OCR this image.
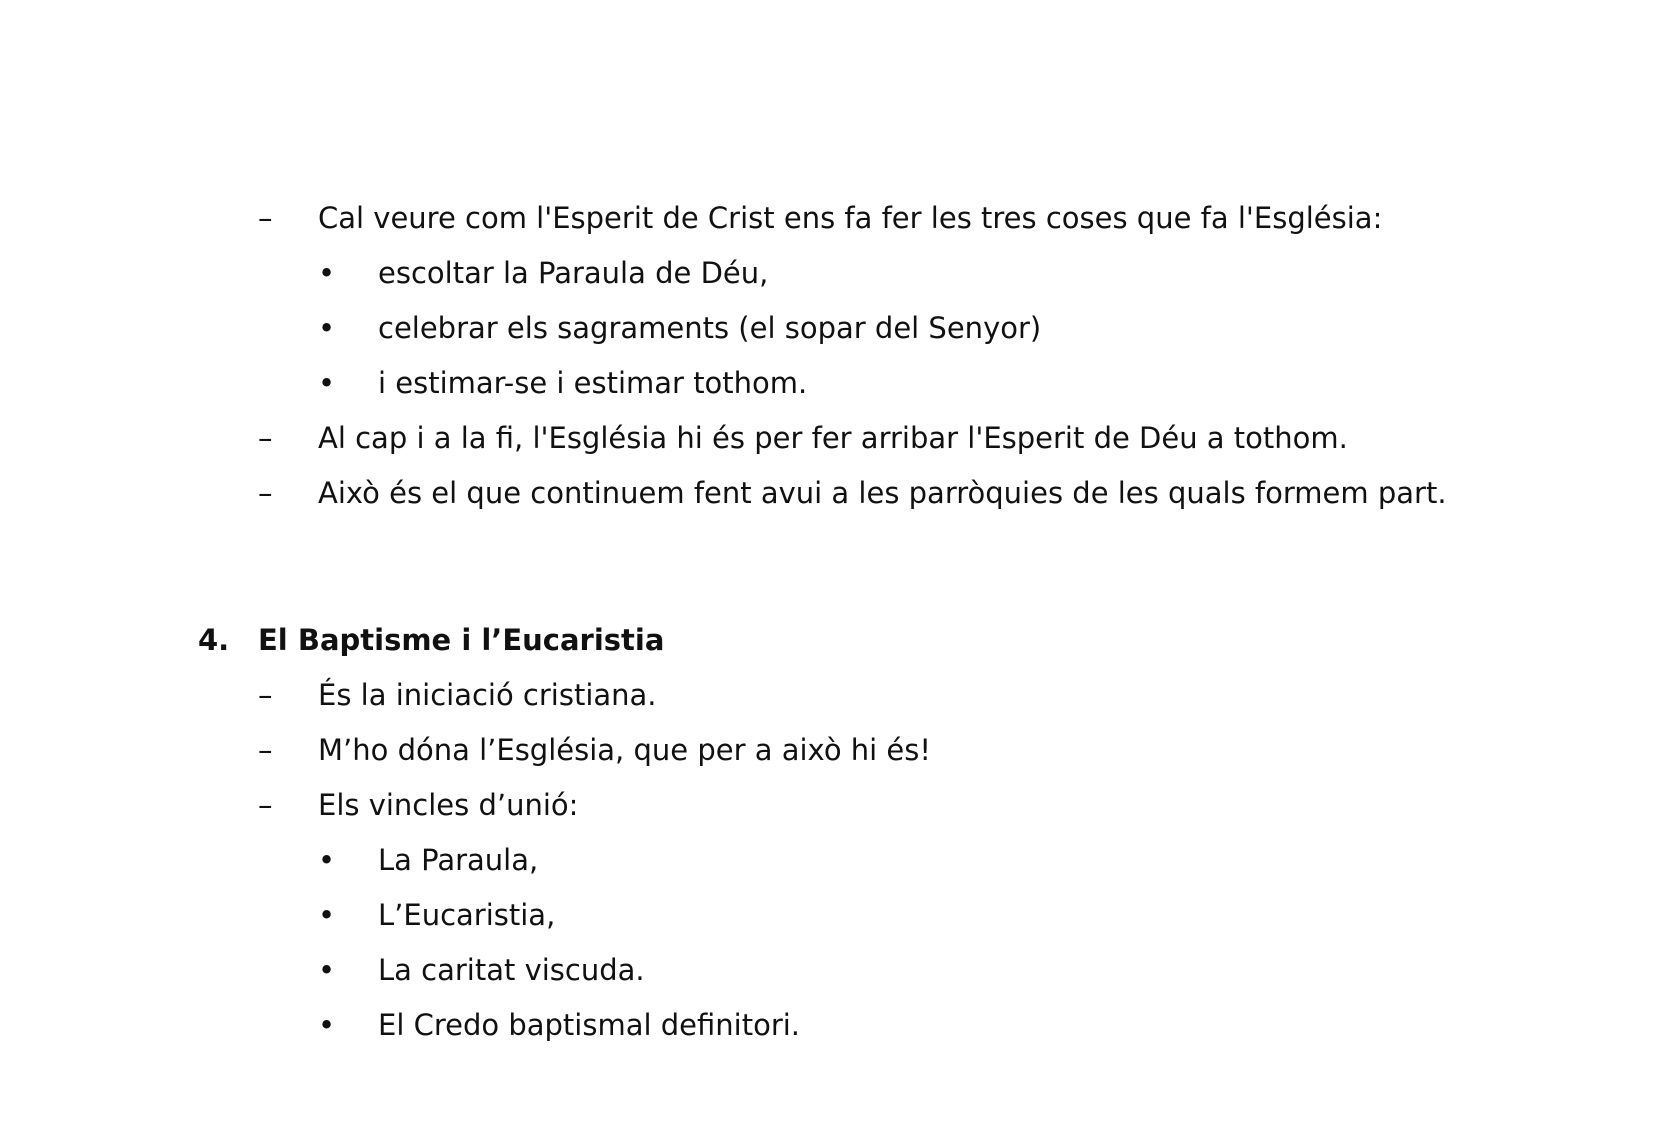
– Cal veure com l'Esperit de Crist ens fa fer les tres coses que fa l'Església:
• escoltar la Paraula de Déu,
• celebrar els sagraments (el sopar del Senyor)
• i estimar-se i estimar tothom.
– Al cap i a la fi, l'Església hi és per fer arribar l'Esperit de Déu a tothom.
– Això és el que continuem fent avui a les parròquies de les quals formem part.
4. El Baptisme i l’Eucaristia
– És la iniciació cristiana.
– M’ho dóna l’Església, que per a això hi és!
– Els vincles d’unió:
• La Paraula,
• L’Eucaristia,
• La caritat viscuda.
• El Credo baptismal definitori.
